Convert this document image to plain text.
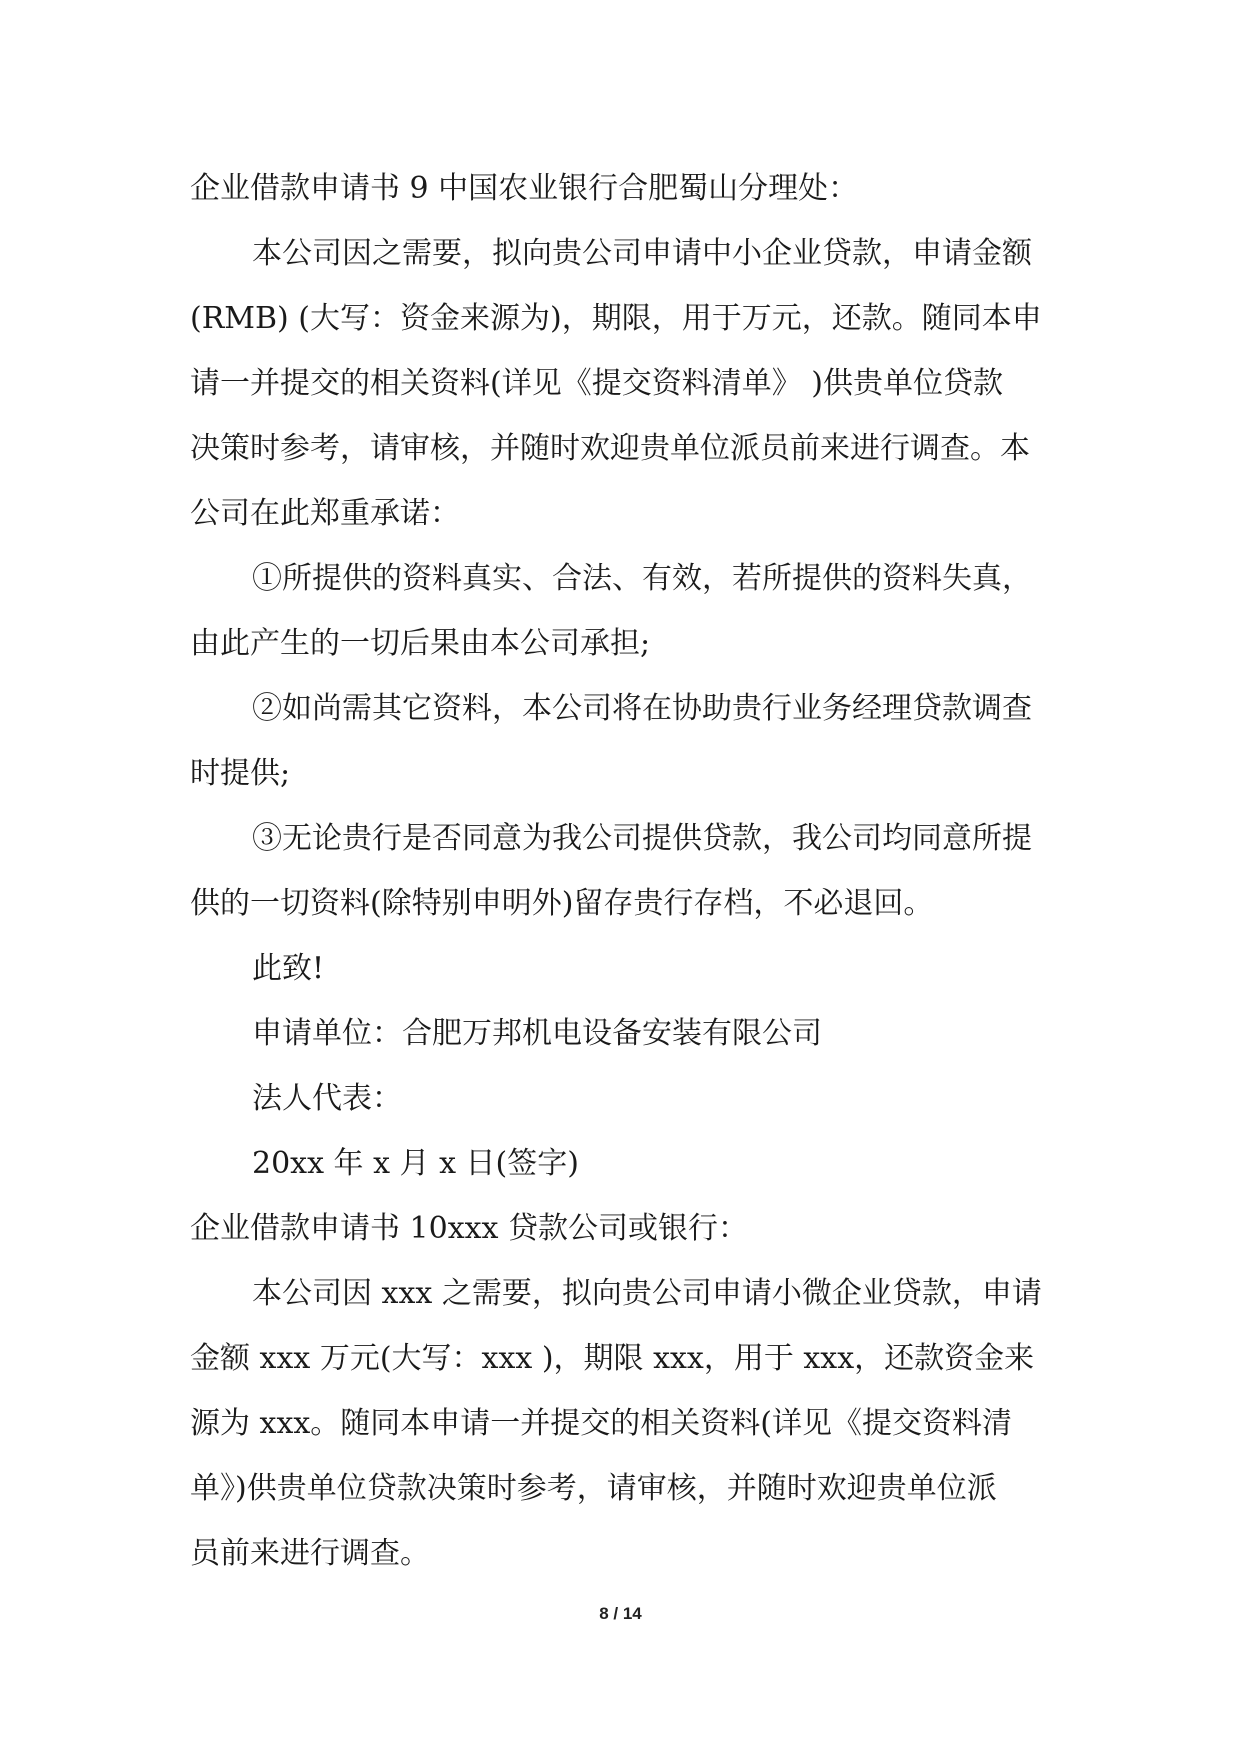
企业借款申请书 9 中国农业银行合肥蜀山分理处：
本公司因之需要，拟向贵公司申请中小企业贷款，申请金额
(RMB) (大写：资金来源为)，期限，用于万元，还款。随同本申
请一并提交的相关资料(详见《提交资料清单》 )供贵单位贷款
决策时参考，请审核，并随时欢迎贵单位派员前来进行调查。本
公司在此郑重承诺：
①所提供的资料真实、合法、有效，若所提供的资料失真，
由此产生的一切后果由本公司承担;
②如尚需其它资料，本公司将在协助贵行业务经理贷款调查
时提供;
③无论贵行是否同意为我公司提供贷款，我公司均同意所提
供的一切资料(除特别申明外)留存贵行存档，不必退回。
此致!
申请单位：合肥万邦机电设备安装有限公司
法人代表：
20xx 年 x 月 x 日(签字)
企业借款申请书 10xxx 贷款公司或银行：
本公司因 xxx 之需要，拟向贵公司申请小微企业贷款，申请
金额 xxx 万元(大写：xxx )，期限 xxx，用于 xxx，还款资金来
源为 xxx。随同本申请一并提交的相关资料(详见《提交资料清
单》)供贵单位贷款决策时参考，请审核，并随时欢迎贵单位派
员前来进行调查。
8 / 14
